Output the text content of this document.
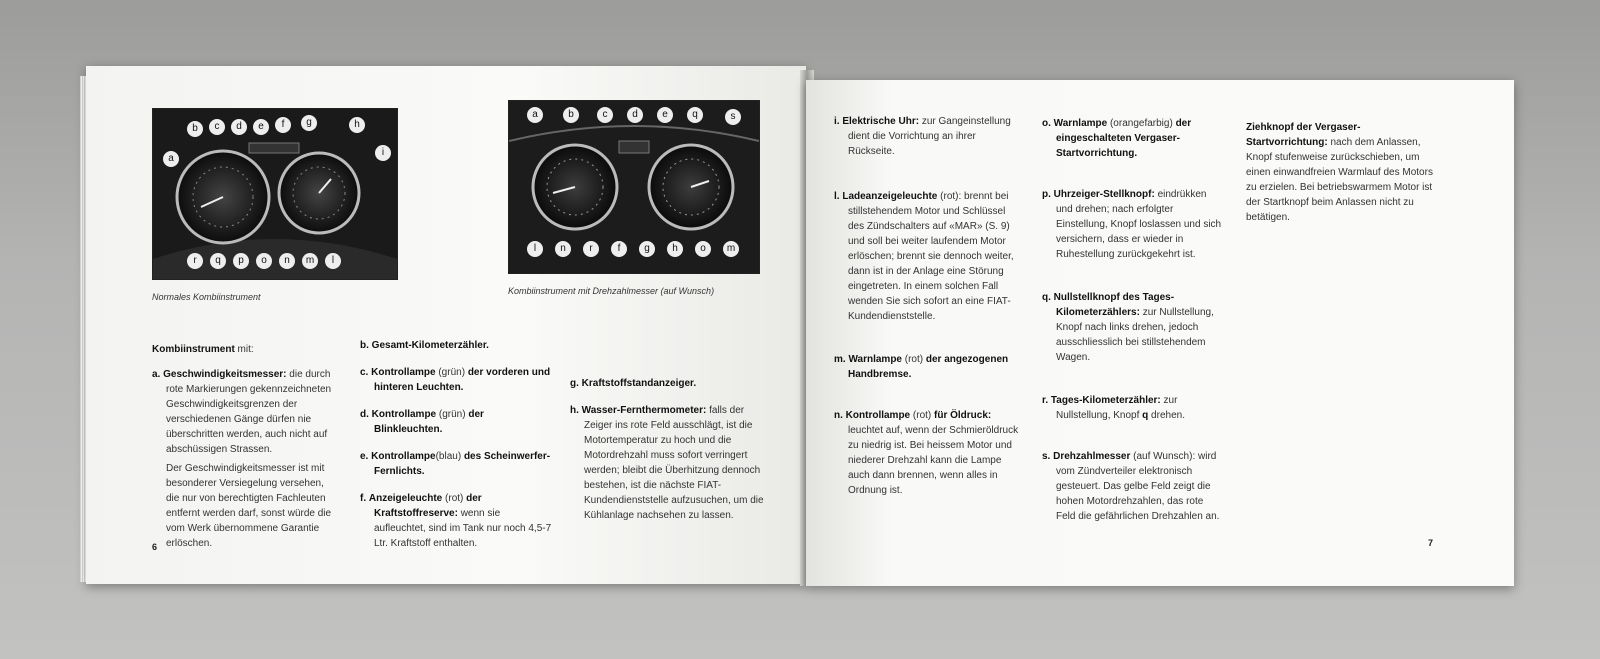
a
b	c	d	e	f	g	h
i
r	q	p	o	n	m	l
Normales Kombiinstrument
a	b	c	d	e	q	s
l	n	r	f	g	h	o	m
Kombiinstrument mit Drehzahlmesser (auf Wunsch)
Kombiinstrument mit:
a. Geschwindigkeitsmesser: die durch rote Markierungen gekennzeichneten Geschwindigkeitsgrenzen der verschiedenen Gänge dürfen nie überschritten werden, auch nicht auf abschüssigen Strassen.
Der Geschwindigkeitsmesser ist mit besonderer Versiegelung versehen, die nur von berechtigten Fachleuten entfernt werden darf, sonst würde die vom Werk übernommene Garantie erlöschen.
b. Gesamt-Kilometerzähler.
c. Kontrollampe (grün) der vorderen und hinteren Leuchten.
d. Kontrollampe (grün) der Blinkleuchten.
e. Kontrollampe(blau) des Scheinwerfer-Fernlichts.
f. Anzeigeleuchte (rot) der Kraftstoffreserve: wenn sie aufleuchtet, sind im Tank nur noch 4,5-7 Ltr. Kraftstoff enthalten.
g. Kraftstoffstandanzeiger.
h. Wasser-Fernthermometer: falls der Zeiger ins rote Feld ausschlägt, ist die Motortemperatur zu hoch und die Motordrehzahl muss sofort verringert werden; bleibt die Überhitzung dennoch bestehen, ist die nächste FIAT-Kundendienststelle aufzusuchen, um die Kühlanlage nachsehen zu lassen.
6
i. Elektrische Uhr: zur Gangeinstellung dient die Vorrichtung an ihrer Rückseite.
l. Ladeanzeigeleuchte (rot): brennt bei stillstehendem Motor und Schlüssel des Zündschalters auf «MAR» (S. 9) und soll bei weiter laufendem Motor erlöschen; brennt sie dennoch weiter, dann ist in der Anlage eine Störung eingetreten. In einem solchen Fall wenden Sie sich sofort an eine FIAT-Kundendienststelle.
m. Warnlampe (rot) der angezogenen Handbremse.
n. Kontrollampe (rot) für Öldruck: leuchtet auf, wenn der Schmieröldruck zu niedrig ist. Bei heissem Motor und niederer Drehzahl kann die Lampe auch dann brennen, wenn alles in Ordnung ist.
o. Warnlampe (orangefarbig) der eingeschalteten Vergaser-Startvorrichtung.
p. Uhrzeiger-Stellknopf: eindrükken und drehen; nach erfolgter Einstellung, Knopf loslassen und sich versichern, dass er wieder in Ruhestellung zurückgekehrt ist.
q. Nullstellknopf des Tages-Kilometerzählers: zur Nullstellung, Knopf nach links drehen, jedoch ausschliesslich bei stillstehendem Wagen.
r. Tages-Kilometerzähler: zur Nullstellung, Knopf q drehen.
s. Drehzahlmesser (auf Wunsch): wird vom Zündverteiler elektronisch gesteuert. Das gelbe Feld zeigt die hohen Motordrehzahlen, das rote Feld die gefährlichen Drehzahlen an.
Ziehknopf der Vergaser-Startvorrichtung: nach dem Anlassen, Knopf stufenweise zurückschieben, um einen einwandfreien Warmlauf des Motors zu erzielen. Bei betriebswarmem Motor ist der Startknopf beim Anlassen nicht zu betätigen.
7
